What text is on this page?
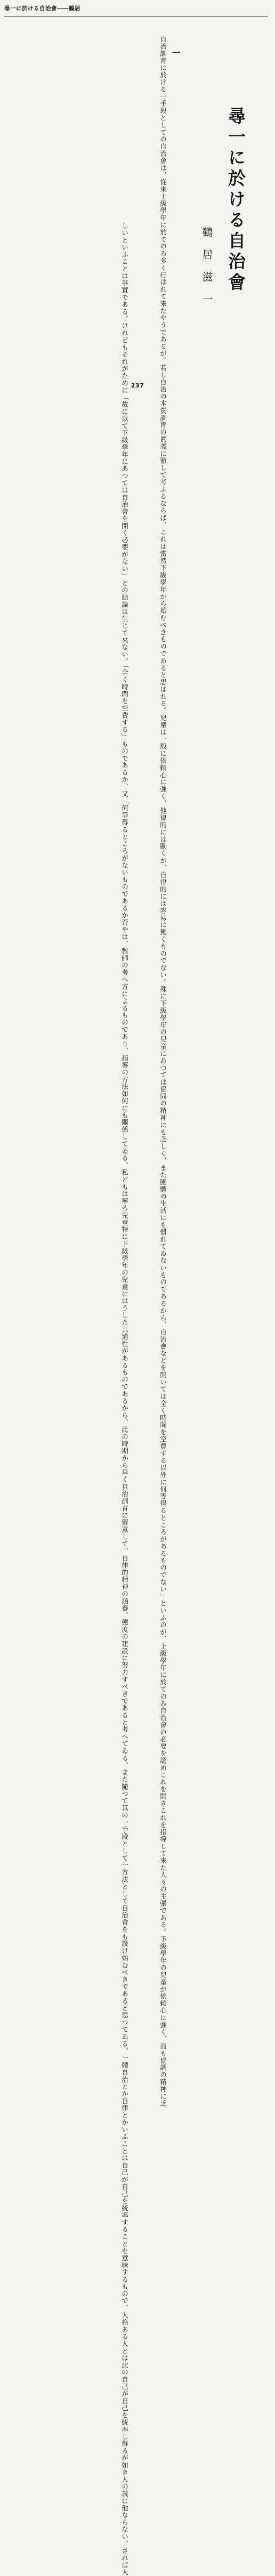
尋一に於ける自治會――鶴居
尋一に於ける自治會
鶴居滋一
一
自治訓育に於ける一手段としての自治會は、從來上級學年に於てのみ多く行はれて來たやうであるが、若し自治の本質訓育の眞義に徹して考ふるならば、これは當然下級學年から始むべきものであると思はれる。兒童は一般に依頼心に強く、他律的には動くが、自律的には容易に働くものでない。殊に下級學年の兒童にあつては協同の精神にも乏しく、また團體の生活にも慣れてゐないものであるから、自治會などを開いては全く時間を空費する以外に何等得るところがあるものでない」といふのが、上級學年に於てのみ自治會の必要を認めこれを開きこれを指導して來た人々の主張である。下級學年の兒童が依頼心に強く、而も協調の精神に乏
しいといふことは事實である。けれどもそれがために「故に以て下級學年にあつては自治會を開く必要がない」との結論は生じて來ない。「全く時間を空費する」ものであるか、又「何等得るところがないものであるか否やは、教師の考へ方によるものであり、指導の方法如何にも關係してゐる。私どもは寧ろ兒童特に下級學年の兒童にはうした共通性があるものであるから、此の時期から早く自治訓育に留意して、自律的精神の涵養、態度の建設に努力すべきであると考へてゐる。また隨つて其の一手段として一方法として自治會をも設け始むべきであると思つてゐる。一體自治とか自律とかいふことは自己が自己を統率することを意味するもので、人格ある人とは此の自己が自己を統率し得るが如き人の義に他ならない。されば人 237
